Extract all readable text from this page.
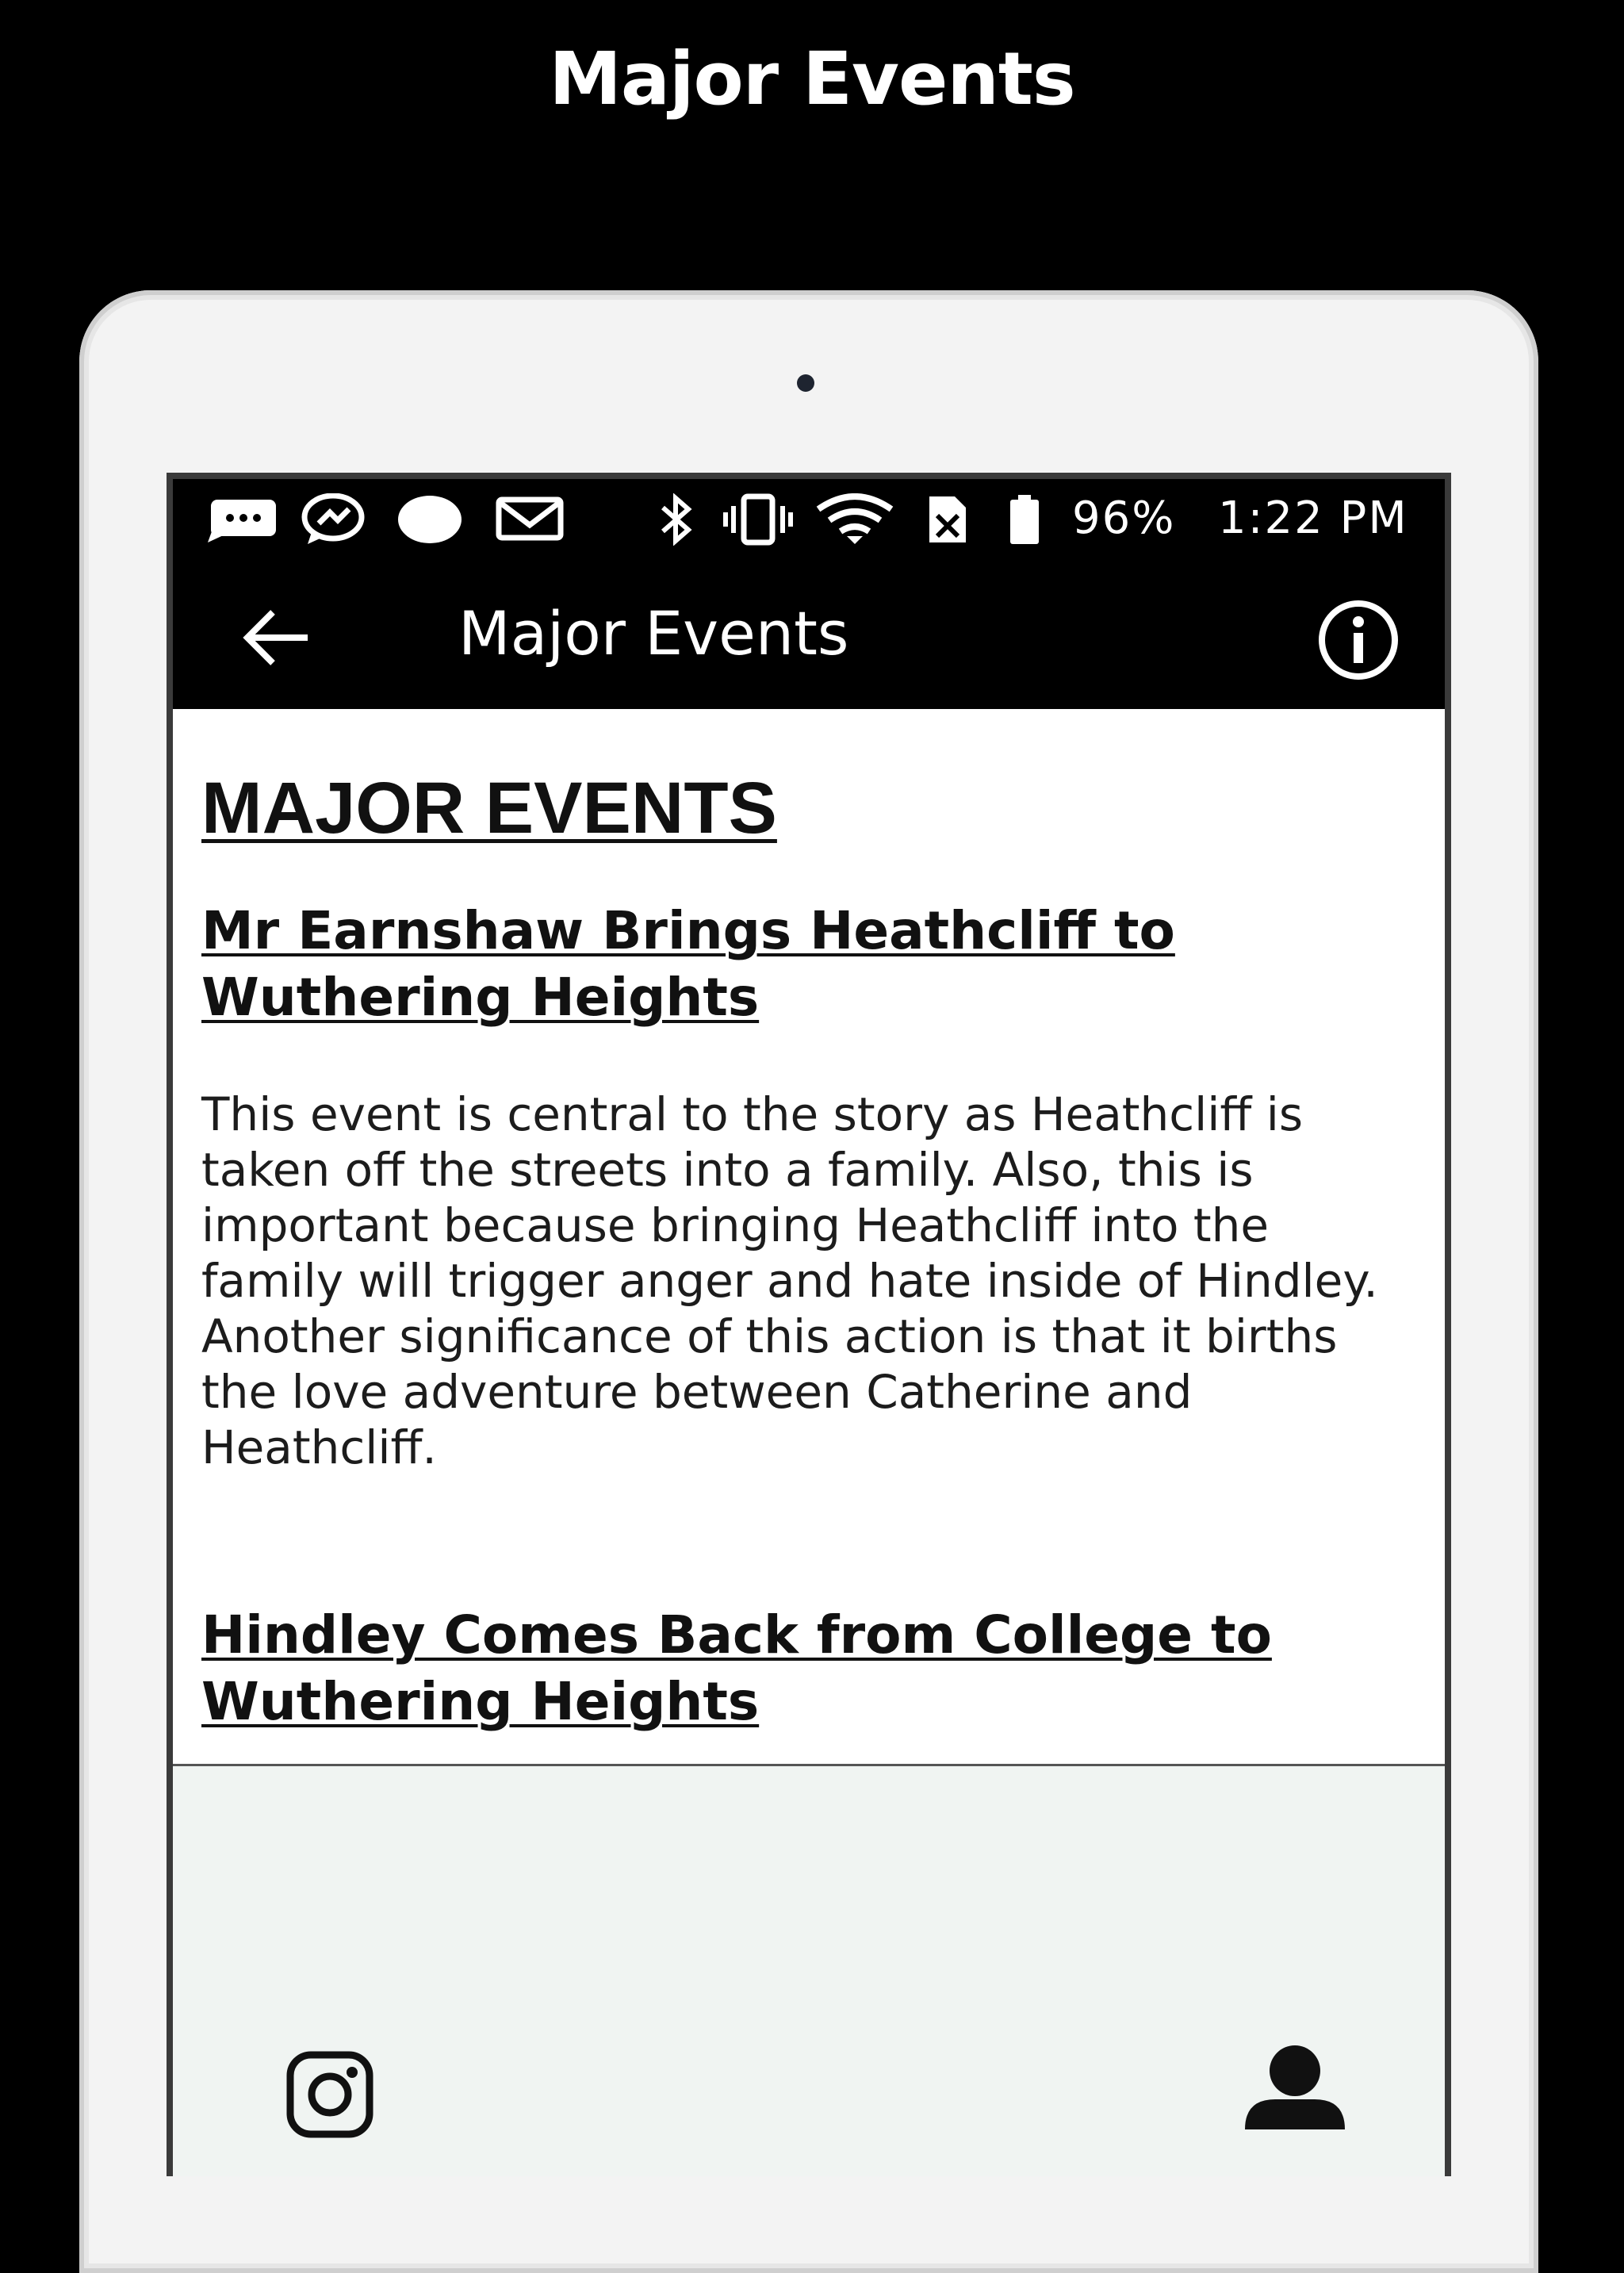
Major Events
96% 1:22 PM
Major Events
MAJOR EVENTS
Mr Earnshaw Brings Heathcliff to Wuthering Heights

This event is central to the story as Heathcliff is taken off the streets into a family. Also, this is important because bringing Heathcliff into the family will trigger anger and hate inside of Hindley. Another significance of this action is that it births the love adventure between Catherine and Heathcliff.

Hindley Comes Back from College to Wuthering Heights
